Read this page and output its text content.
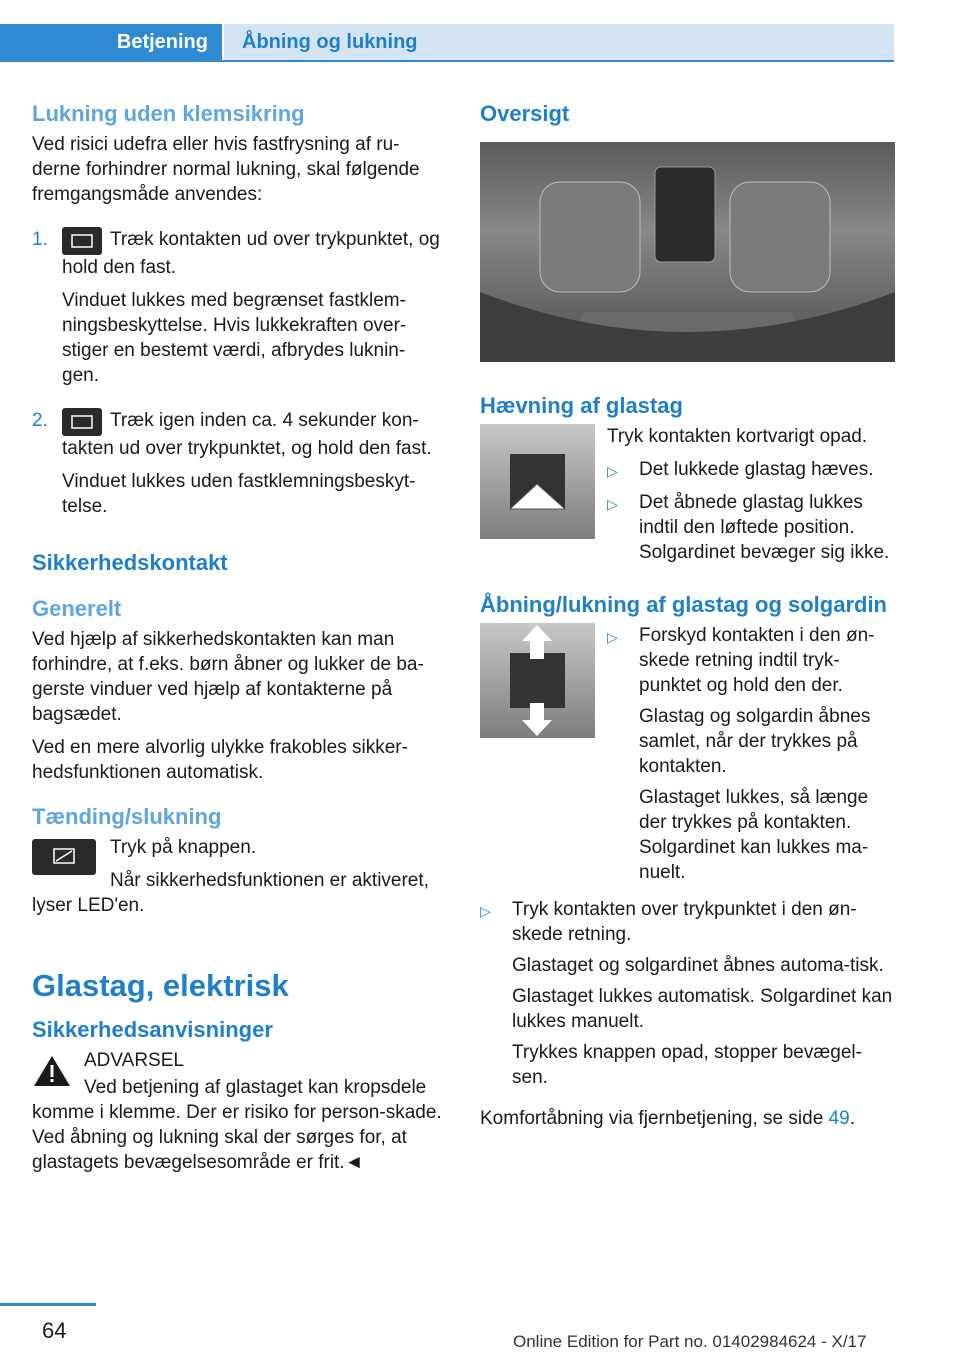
Betjening	Åbning og lukning
Lukning uden klemsikring

Ved risici udefra eller hvis fastfrysning af ru-derne forhindrer normal lukning, skal følgende fremgangsmåde anvendes:

1.	Træk kontakten ud over trykpunktet, og hold den fast.

Vinduet lukkes med begrænset fastklem-ningsbeskyttelse. Hvis lukkekraften over-stiger en bestemt værdi, afbrydes luknin-gen.

2.	Træk igen inden ca. 4 sekunder kon-takten ud over trykpunktet, og hold den fast.

Vinduet lukkes uden fastklemningsbeskyt-telse.

Sikkerhedskontakt
Generelt

Ved hjælp af sikkerhedskontakten kan man forhindre, at f.eks. børn åbner og lukker de ba-gerste vinduer ved hjælp af kontakterne på bagsædet.

Ved en mere alvorlig ulykke frakobles sikker-hedsfunktionen automatisk.

Tænding/slukning

Tryk på knappen.

Når sikkerhedsfunktionen er aktiveret, lyser LED'en.

Glastag, elektrisk
Sikkerhedsanvisninger

ADVARSEL

Ved betjening af glastaget kan kropsdele komme i klemme. Der er risiko for person-skade. Ved åbning og lukning skal der sørges for, at glastagets bevægelsesområde er frit.◄

Oversigt
Hævning af glastag

Tryk kontakten kortvarigt opad.

▷	Det lukkede glastag hæves.
▷	Det åbnede glastag lukkes indtil den løftede position. Solgardinet bevæger sig ikke.
Åbning/lukning af glastag og solgardin
▷	Forskyd kontakten i den øn-skede retning indtil tryk-punktet og hold den der.

Glastag og solgardin åbnes samlet, når der trykkes på kontakten.

Glastaget lukkes, så længe der trykkes på kontakten. Solgardinet kan lukkes ma-nuelt.

▷	Tryk kontakten over trykpunktet i den øn-skede retning.

Glastaget og solgardinet åbnes automa-tisk.

Glastaget lukkes automatisk. Solgardinet kan lukkes manuelt.

Trykkes knappen opad, stopper bevægel-sen.

Komfortåbning via fjernbetjening, se side 49.

64	Online Edition for Part no. 01402984624 - X/17
